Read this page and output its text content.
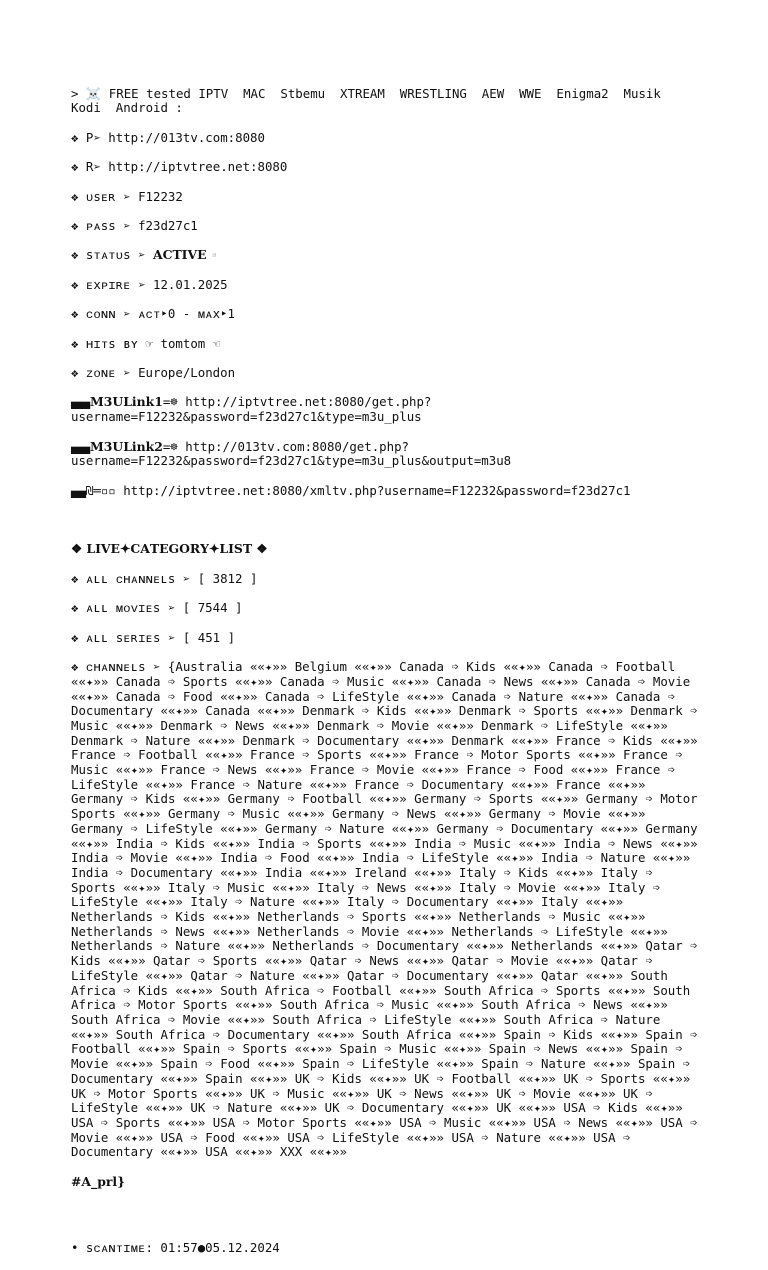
> ☠️ FREE tested IPTV  MAC  Stbemu  XTREAM  WRESTLING  AEW  WWE  Enigma2  Musik  Kodi  Android :

❖ P➢ http://013tv.com:8080

❖ R➢ http://iptvtree.net:8080

❖ ᴜsᴇʀ ➢ F12232

❖ ᴘᴀss ➢ f23d27c1

❖ sᴛᴀᴛᴜs ➢ 𝐀𝐂𝐓𝐈𝐕𝐄▫️

❖ ᴇxᴘɪʀᴇ ➢ 12.01.2025

❖ ᴄᴏɴɴ ➢ ᴀᴄᴛ‣0 - ᴍᴀx‣1

❖ ʜɪᴛs ʙʏ ☞ tomtom ☜

❖ ᴢᴏɴᴇ ➢ Europe/London

▄▄𝐌𝟑𝐔𝐋𝐢𝐧𝐤𝟏=☸ http://iptvtree.net:8080/get.php?username=F12232&password=f23d27c1&type=m3u_plus

▄▄𝐌𝟑𝐔𝐋𝐢𝐧𝐤𝟐=☸ http://013tv.com:8080/get.php?username=F12232&password=f23d27c1&type=m3u_plus&output=m3u8

▄▄₪═▫▫ http://iptvtree.net:8080/xmltv.php?username=F12232&password=f23d27c1

❖ 𝐋𝐈𝐕𝐄✦𝐂𝐀𝐓𝐄𝐆𝐎𝐑𝐘✦𝐋𝐈𝐒𝐓 ❖

❖ ᴀʟʟ ᴄʜᴀɴɴᴇʟs ➢ [ 3812 ]

❖ ᴀʟʟ ᴍᴏᴠɪᴇs ➢ [ 7544 ]

❖ ᴀʟʟ sᴇʀɪᴇs ➢ [ 451 ]

❖ ᴄʜᴀɴɴᴇʟs ➢ {Australia ««✦»» Belgium ««✦»» Canada ➩ Kids ««✦»» Canada ➩ Football ««✦»» Canada ➩ Sports ««✦»» Canada ➩ Music ««✦»» Canada ➩ News ««✦»» Canada ➩ Movie ««✦»» Canada ➩ Food ««✦»» Canada ➩ LifeStyle ««✦»» Canada ➩ Nature ««✦»» Canada ➩ Documentary ««✦»» Canada ««✦»» Denmark ➩ Kids ««✦»» Denmark ➩ Sports ««✦»» Denmark ➩ Music ««✦»» Denmark ➩ News ««✦»» Denmark ➩ Movie ««✦»» Denmark ➩ LifeStyle ««✦»» Denmark ➩ Nature ««✦»» Denmark ➩ Documentary ««✦»» Denmark ««✦»» France ➩ Kids ««✦»» France ➩ Football ««✦»» France ➩ Sports ««✦»» France ➩ Motor Sports ««✦»» France ➩ Music ««✦»» France ➩ News ««✦»» France ➩ Movie ««✦»» France ➩ Food ««✦»» France ➩ LifeStyle ««✦»» France ➩ Nature ««✦»» France ➩ Documentary ««✦»» France ««✦»» Germany ➩ Kids ««✦»» Germany ➩ Football ««✦»» Germany ➩ Sports ««✦»» Germany ➩ Motor Sports ««✦»» Germany ➩ Music ««✦»» Germany ➩ News ««✦»» Germany ➩ Movie ««✦»» Germany ➩ LifeStyle ««✦»» Germany ➩ Nature ««✦»» Germany ➩ Documentary ««✦»» Germany ««✦»» India ➩ Kids ««✦»» India ➩ Sports ««✦»» India ➩ Music ««✦»» India ➩ News ««✦»» India ➩ Movie ««✦»» India ➩ Food ««✦»» India ➩ LifeStyle ««✦»» India ➩ Nature ««✦»» India ➩ Documentary ««✦»» India ««✦»» Ireland ««✦»» Italy ➩ Kids ««✦»» Italy ➩ Sports ««✦»» Italy ➩ Music ««✦»» Italy ➩ News ««✦»» Italy ➩ Movie ««✦»» Italy ➩ LifeStyle ««✦»» Italy ➩ Nature ««✦»» Italy ➩ Documentary ««✦»» Italy ««✦»» Netherlands ➩ Kids ««✦»» Netherlands ➩ Sports ««✦»» Netherlands ➩ Music ««✦»» Netherlands ➩ News ««✦»» Netherlands ➩ Movie ««✦»» Netherlands ➩ LifeStyle ««✦»» Netherlands ➩ Nature ««✦»» Netherlands ➩ Documentary ««✦»» Netherlands ««✦»» Qatar ➩ Kids ««✦»» Qatar ➩ Sports ««✦»» Qatar ➩ News ««✦»» Qatar ➩ Movie ««✦»» Qatar ➩ LifeStyle ««✦»» Qatar ➩ Nature ««✦»» Qatar ➩ Documentary ««✦»» Qatar ««✦»» South Africa ➩ Kids ««✦»» South Africa ➩ Football ««✦»» South Africa ➩ Sports ««✦»» South Africa ➩ Motor Sports ««✦»» South Africa ➩ Music ««✦»» South Africa ➩ News ««✦»» South Africa ➩ Movie ««✦»» South Africa ➩ LifeStyle ««✦»» South Africa ➩ Nature ««✦»» South Africa ➩ Documentary ««✦»» South Africa ««✦»» Spain ➩ Kids ««✦»» Spain ➩ Football ««✦»» Spain ➩ Sports ««✦»» Spain ➩ Music ««✦»» Spain ➩ News ««✦»» Spain ➩ Movie ««✦»» Spain ➩ Food ««✦»» Spain ➩ LifeStyle ««✦»» Spain ➩ Nature ««✦»» Spain ➩ Documentary ««✦»» Spain ««✦»» UK ➩ Kids ««✦»» UK ➩ Football ««✦»» UK ➩ Sports ««✦»» UK ➩ Motor Sports ««✦»» UK ➩ Music ««✦»» UK ➩ News ««✦»» UK ➩ Movie ««✦»» UK ➩ LifeStyle ««✦»» UK ➩ Nature ««✦»» UK ➩ Documentary ««✦»» UK ««✦»» USA ➩ Kids ««✦»» USA ➩ Sports ««✦»» USA ➩ Motor Sports ««✦»» USA ➩ Music ««✦»» USA ➩ News ««✦»» USA ➩ Movie ««✦»» USA ➩ Food ««✦»» USA ➩ LifeStyle ««✦»» USA ➩ Nature ««✦»» USA ➩ Documentary ««✦»» USA ««✦»» XXX ««✦»»

#𝐀_𝐩𝐫𝐥}

• sᴄᴀɴᴛɪᴍᴇ: 01:57●05.12.2024
